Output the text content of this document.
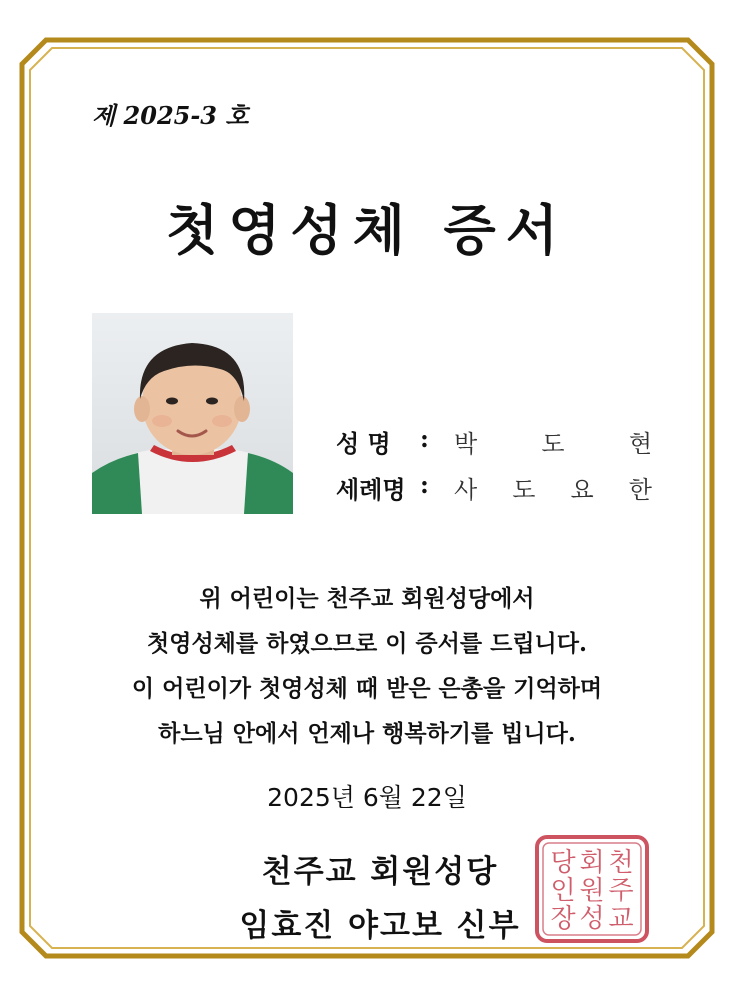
제 2025-3 호
첫영성체 증서
성 명	: 박	도	현
세례명 : 사 도 요 한
위 어린이는 천주교 회원성당에서
첫영성체를 하였으므로 이 증서를 드립니다.
이 어린이가 첫영성체 때 받은 은총을 기억하며
하느님 안에서 언제나 행복하기를 빕니다.
2025년 6월 22일
천주교 회원성당
임효진 야고보 신부
천
주
교
회
원
성
당
인
장
